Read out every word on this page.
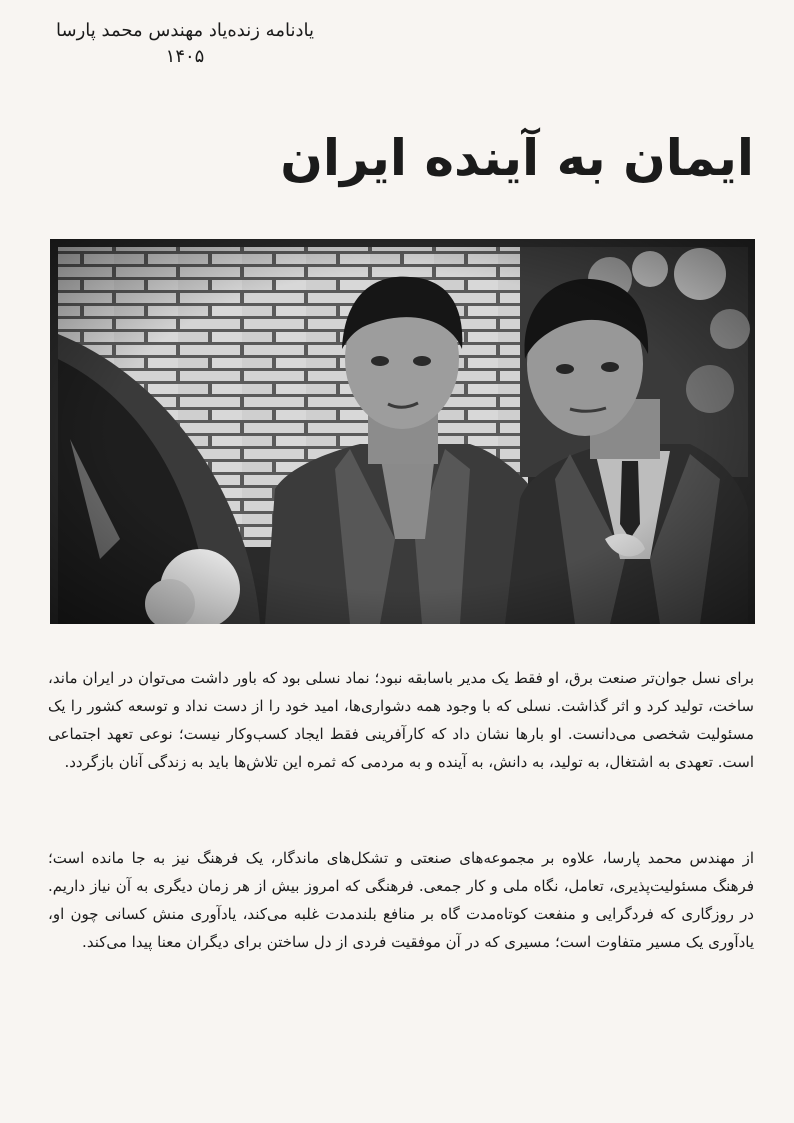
یادنامه زنده‌یاد مهندس محمد پارسا
۱۴۰۵
ایمان به آینده ایران

برای نسل جوان‌تر صنعت برق، او فقط یک مدیر باسابقه نبود؛ نماد نسلی بود که باور داشت می‌توان در ایران ماند، ساخت، تولید کرد و اثر گذاشت. نسلی که با وجود همه دشواری‌ها، امید خود را از دست نداد و توسعه کشور را یک مسئولیت شخصی می‌دانست. او بارها نشان داد که کارآفرینی فقط ایجاد کسب‌وکار نیست؛ نوعی تعهد اجتماعی است. تعهدی به اشتغال، به تولید، به دانش، به آینده و به مردمی که ثمره این تلاش‌ها باید به زندگی آنان بازگردد.

از مهندس محمد پارسا، علاوه بر مجموعه‌های صنعتی و تشکل‌های ماندگار، یک فرهنگ نیز به جا مانده است؛ فرهنگ مسئولیت‌پذیری، تعامل، نگاه ملی و کار جمعی. فرهنگی که امروز بیش از هر زمان دیگری به آن نیاز داریم. در روزگاری که فردگرایی و منفعت کوتاه‌مدت گاه بر منافع بلندمدت غلبه می‌کند، یادآوری منش کسانی چون او، یادآوری یک مسیر متفاوت است؛ مسیری که در آن موفقیت فردی از دل ساختن برای دیگران معنا پیدا می‌کند.
